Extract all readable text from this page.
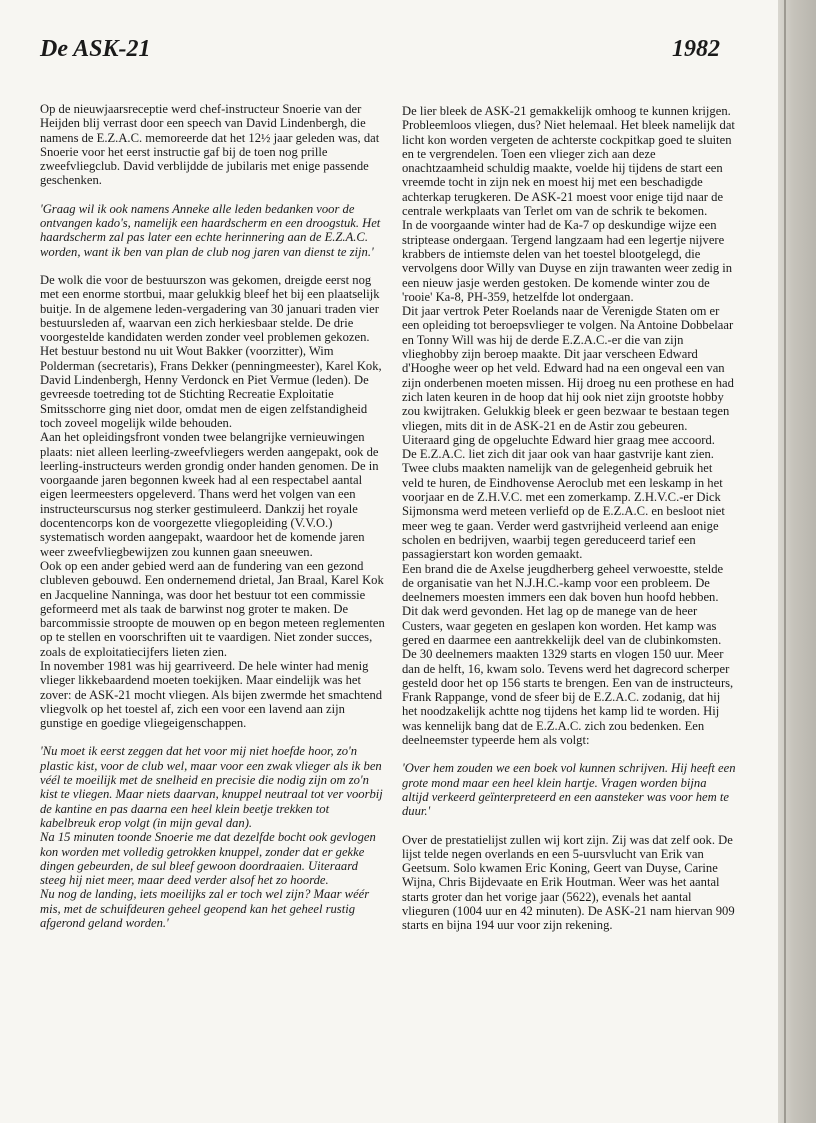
De ASK-21	1982

Op de nieuwjaarsreceptie werd chef-instructeur Snoerie van der Heijden blij verrast door een speech van David Lindenbergh, die namens de E.Z.A.C. memoreerde dat het 12½ jaar geleden was, dat Snoerie voor het eerst instructie gaf bij de toen nog prille zweefvliegclub. David verblijdde de jubilaris met enige passende geschenken.

'Graag wil ik ook namens Anneke alle leden bedanken voor de ontvangen kado's, namelijk een haardscherm en een droogstuk. Het haardscherm zal pas later een echte herinnering aan de E.Z.A.C. worden, want ik ben van plan de club nog jaren van dienst te zijn.'

De wolk die voor de bestuurszon was gekomen, dreigde eerst nog met een enorme stortbui, maar gelukkig bleef het bij een plaatselijk buitje. In de algemene leden-vergadering van 30 januari traden vier bestuursleden af, waarvan een zich herkiesbaar stelde. De drie voorgestelde kandidaten werden zonder veel problemen gekozen. Het bestuur bestond nu uit Wout Bakker (voorzitter), Wim Polderman (secretaris), Frans Dekker (penningmeester), Karel Kok, David Lindenbergh, Henny Verdonck en Piet Vermue (leden). De gevreesde toetreding tot de Stichting Recreatie Exploitatie Smitsschorre ging niet door, omdat men de eigen zelfstandigheid toch zoveel mogelijk wilde behouden.

Aan het opleidingsfront vonden twee belangrijke vernieuwingen plaats: niet alleen leerling-zweefvliegers werden aangepakt, ook de leerling-instructeurs werden grondig onder handen genomen. De in voorgaande jaren begonnen kweek had al een respectabel aantal eigen leermeesters opgeleverd. Thans werd het volgen van een instructeurscursus nog sterker gestimuleerd. Dankzij het royale docentencorps kon de voorgezette vliegopleiding (V.V.O.) systematisch worden aangepakt, waardoor het de komende jaren weer zweefvliegbewijzen zou kunnen gaan sneeuwen.

Ook op een ander gebied werd aan de fundering van een gezond clubleven gebouwd. Een ondernemend drietal, Jan Braal, Karel Kok en Jacqueline Nanninga, was door het bestuur tot een commissie geformeerd met als taak de barwinst nog groter te maken. De barcommissie stroopte de mouwen op en begon meteen reglementen op te stellen en voorschriften uit te vaardigen. Niet zonder succes, zoals de exploitatiecijfers lieten zien.

In november 1981 was hij gearriveerd. De hele winter had menig vlieger likkebaardend moeten toekijken. Maar eindelijk was het zover: de ASK-21 mocht vliegen. Als bijen zwermde het smachtend vliegvolk op het toestel af, zich een voor een lavend aan zijn gunstige en goedige vliegeigenschappen.

'Nu moet ik eerst zeggen dat het voor mij niet hoefde hoor, zo'n plastic kist, voor de club wel, maar voor een zwak vlieger als ik ben véél te moeilijk met de snelheid en precisie die nodig zijn om zo'n kist te vliegen. Maar niets daarvan, knuppel neutraal tot ver voorbij de kantine en pas daarna een heel klein beetje trekken tot kabelbreuk erop volgt (in mijn geval dan).

Na 15 minuten toonde Snoerie me dat dezelfde bocht ook gevlogen kon worden met volledig getrokken knuppel, zonder dat er gekke dingen gebeurden, de sul bleef gewoon doordraaien. Uiteraard steeg hij niet meer, maar deed verder alsof het zo hoorde.

Nu nog de landing, iets moeilijks zal er toch wel zijn? Maar wéér mis, met de schuifdeuren geheel geopend kan het geheel rustig afgerond geland worden.'

De lier bleek de ASK-21 gemakkelijk omhoog te kunnen krijgen. Probleemloos vliegen, dus? Niet helemaal. Het bleek namelijk dat licht kon worden vergeten de achterste cockpitkap goed te sluiten en te vergrendelen. Toen een vlieger zich aan deze onachtzaamheid schuldig maakte, voelde hij tijdens de start een vreemde tocht in zijn nek en moest hij met een beschadigde achterkap terugkeren. De ASK-21 moest voor enige tijd naar de centrale werkplaats van Terlet om van de schrik te bekomen.

In de voorgaande winter had de Ka-7 op deskundige wijze een striptease ondergaan. Tergend langzaam had een legertje nijvere krabbers de intiemste delen van het toestel blootgelegd, die vervolgens door Willy van Duyse en zijn trawanten weer zedig in een nieuw jasje werden gestoken. De komende winter zou de 'rooie' Ka-8, PH-359, hetzelfde lot ondergaan.

Dit jaar vertrok Peter Roelands naar de Verenigde Staten om er een opleiding tot beroepsvlieger te volgen. Na Antoine Dobbelaar en Tonny Will was hij de derde E.Z.A.C.-er die van zijn vlieghobby zijn beroep maakte. Dit jaar verscheen Edward d'Hooghe weer op het veld. Edward had na een ongeval een van zijn onderbenen moeten missen. Hij droeg nu een prothese en had zich laten keuren in de hoop dat hij ook niet zijn grootste hobby zou kwijtraken. Gelukkig bleek er geen bezwaar te bestaan tegen vliegen, mits dit in de ASK-21 en de Astir zou gebeuren. Uiteraard ging de opgeluchte Edward hier graag mee accoord.

De E.Z.A.C. liet zich dit jaar ook van haar gastvrije kant zien. Twee clubs maakten namelijk van de gelegenheid gebruik het veld te huren, de Eindhovense Aeroclub met een leskamp in het voorjaar en de Z.H.V.C. met een zomerkamp. Z.H.V.C.-er Dick Sijmonsma werd meteen verliefd op de E.Z.A.C. en besloot niet meer weg te gaan. Verder werd gastvrijheid verleend aan enige scholen en bedrijven, waarbij tegen gereduceerd tarief een passagierstart kon worden gemaakt.

Een brand die de Axelse jeugdherberg geheel verwoestte, stelde de organisatie van het N.J.H.C.-kamp voor een probleem. De deelnemers moesten immers een dak boven hun hoofd hebben. Dit dak werd gevonden. Het lag op de manege van de heer Custers, waar gegeten en geslapen kon worden. Het kamp was gered en daarmee een aantrekkelijk deel van de clubinkomsten.

De 30 deelnemers maakten 1329 starts en vlogen 150 uur. Meer dan de helft, 16, kwam solo. Tevens werd het dagrecord scherper gesteld door het op 156 starts te brengen. Een van de instructeurs, Frank Rappange, vond de sfeer bij de E.Z.A.C. zodanig, dat hij het noodzakelijk achtte nog tijdens het kamp lid te worden. Hij was kennelijk bang dat de E.Z.A.C. zich zou bedenken. Een deelneemster typeerde hem als volgt:

'Over hem zouden we een boek vol kunnen schrijven. Hij heeft een grote mond maar een heel klein hartje. Vragen worden bijna altijd verkeerd geïnterpreteerd en een aansteker was voor hem te duur.'

Over de prestatielijst zullen wij kort zijn. Zij was dat zelf ook. De lijst telde negen overlands en een 5-uursvlucht van Erik van Geetsum. Solo kwamen Eric Koning, Geert van Duyse, Carine Wijna, Chris Bijdevaate en Erik Houtman. Weer was het aantal starts groter dan het vorige jaar (5622), evenals het aantal vlieguren (1004 uur en 42 minuten). De ASK-21 nam hiervan 909 starts en bijna 194 uur voor zijn rekening.
